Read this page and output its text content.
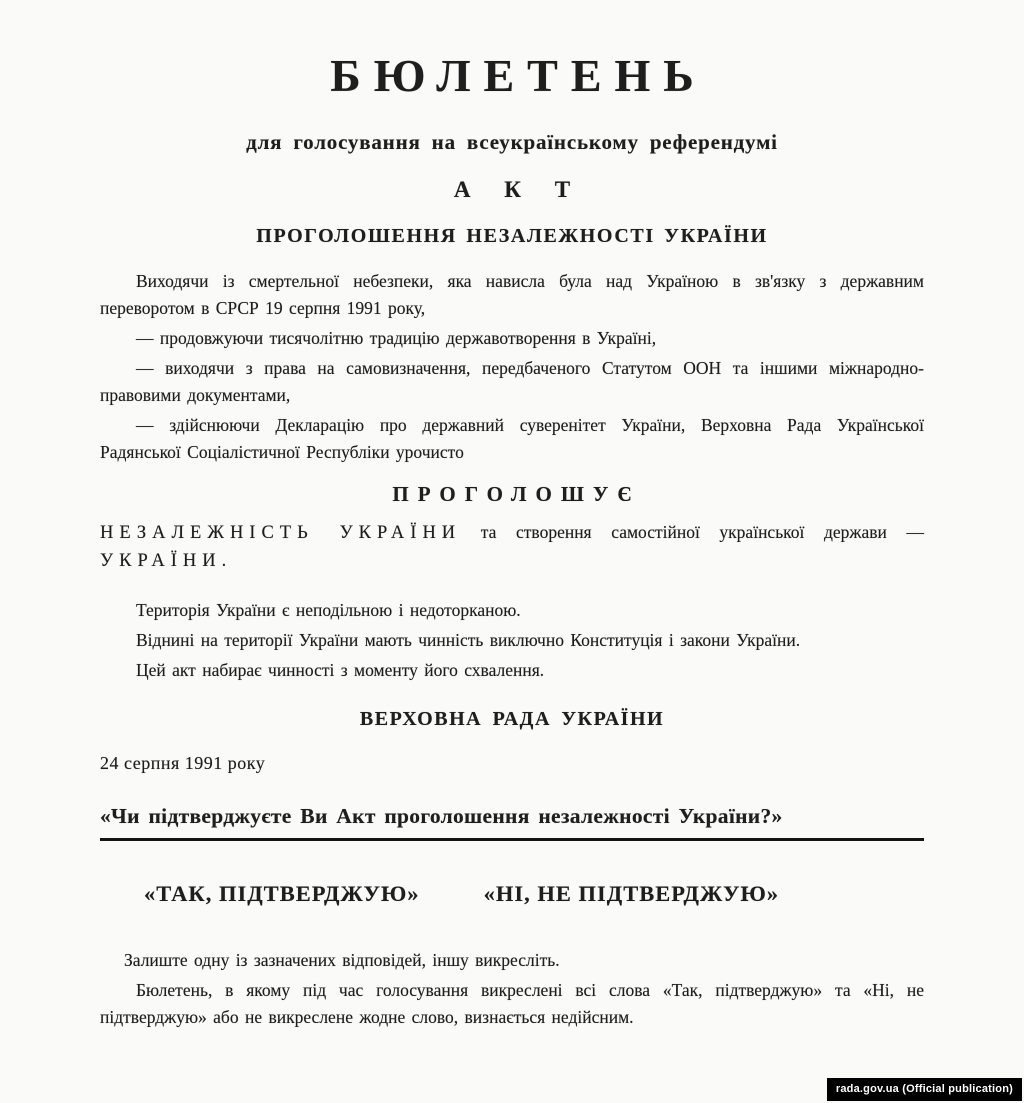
БЮЛЕТЕНЬ
для голосування на всеукраїнському референдумі
А К Т
ПРОГОЛОШЕННЯ НЕЗАЛЕЖНОСТІ УКРАЇНИ

Виходячи із смертельної небезпеки, яка нависла була над Україною в зв'язку з державним переворотом в СРСР 19 серпня 1991 року,

— продовжуючи тисячолітню традицію державотворення в Україні,

— виходячи з права на самовизначення, передбаченого Статутом ООН та іншими міжнародно-правовими документами,

— здійснюючи Декларацію про державний суверенітет України, Верховна Рада Української Радянської Соціалістичної Республіки урочисто

ПРОГОЛОШУЄ

НЕЗАЛЕЖНІСТЬ УКРАЇНИ та створення самостійної української держави — УКРАЇНИ.

Територія України є неподільною і недоторканою.

Віднині на території України мають чинність виключно Конституція і закони України.

Цей акт набирає чинності з моменту його схвалення.

ВЕРХОВНА РАДА УКРАЇНИ
24 серпня 1991 року
«Чи підтверджуєте Ви Акт проголошення незалежності України?»
«ТАК, ПІДТВЕРДЖУЮ»	«НІ, НЕ ПІДТВЕРДЖУЮ»

Залиште одну із зазначених відповідей, іншу викресліть.

Бюлетень, в якому під час голосування викреслені всі слова «Так, підтверджую» та «Ні, не підтверджую» або не викреслене жодне слово, визнається недійсним.

rada.gov.ua (Official publication)
